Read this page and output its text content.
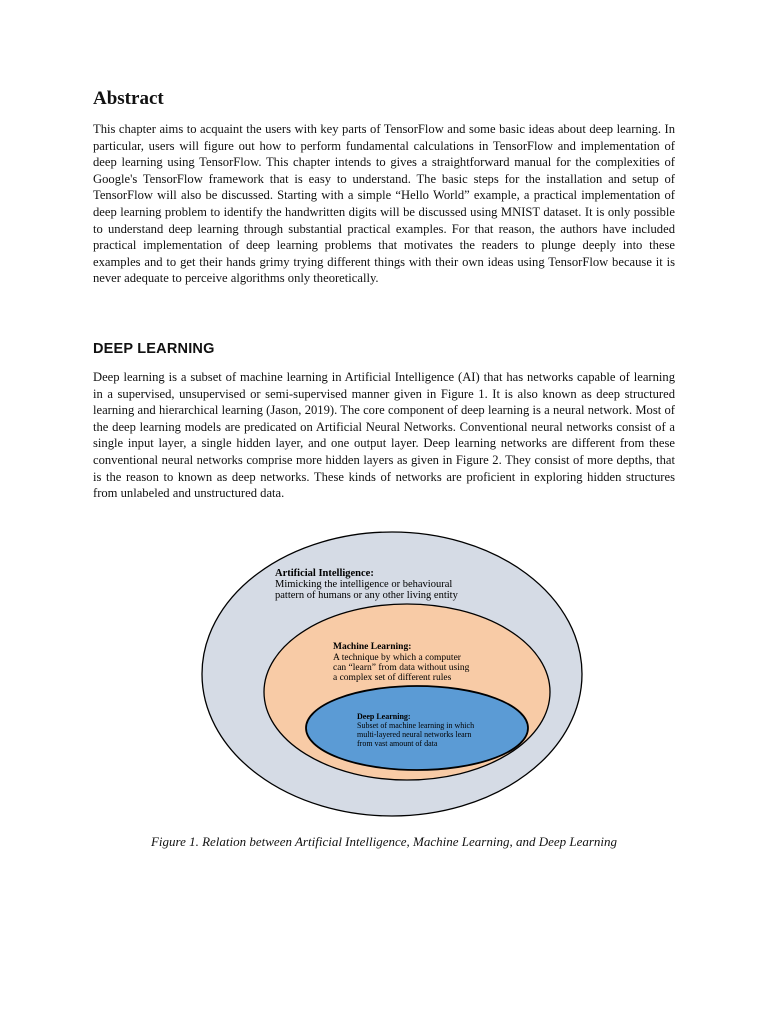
Abstract

This chapter aims to acquaint the users with key parts of TensorFlow and some basic ideas about deep learning. In particular, users will figure out how to perform fundamental calculations in TensorFlow and implementation of deep learning using TensorFlow. This chapter intends to gives a straightforward manual for the complexities of Google's TensorFlow framework that is easy to understand. The basic steps for the installation and setup of TensorFlow will also be discussed. Starting with a simple “Hello World” example, a practical implementation of deep learning problem to identify the handwritten digits will be discussed using MNIST dataset. It is only possible to understand deep learning through substantial practical examples. For that reason, the authors have included practical implementation of deep learning problems that motivates the readers to plunge deeply into these examples and to get their hands grimy trying different things with their own ideas using TensorFlow because it is never adequate to perceive algorithms only theoretically.

DEEP LEARNING

Deep learning is a subset of machine learning in Artificial Intelligence (AI) that has networks capable of learning in a supervised, unsupervised or semi-supervised manner given in Figure 1. It is also known as deep structured learning and hierarchical learning (Jason, 2019). The core component of deep learning is a neural network. Most of the deep learning models are predicated on Artificial Neural Networks. Conventional neural networks consist of a single input layer, a single hidden layer, and one output layer. Deep learning networks are different from these conventional neural networks comprise more hidden layers as given in Figure 2. They consist of more depths, that is the reason to known as deep networks. These kinds of networks are proficient in exploring hidden structures from unlabeled and unstructured data.

Artificial Intelligence:
Mimicking the intelligence or behavioural
pattern of humans or any other living entity
Machine Learning:
A technique by which a computer
can “learn” from data without using
a complex set of different rules
Deep Learning:
Subset of machine learning in which
multi-layered neural networks learn
from vast amount of data

Figure 1. Relation between Artificial Intelligence, Machine Learning, and Deep Learning
